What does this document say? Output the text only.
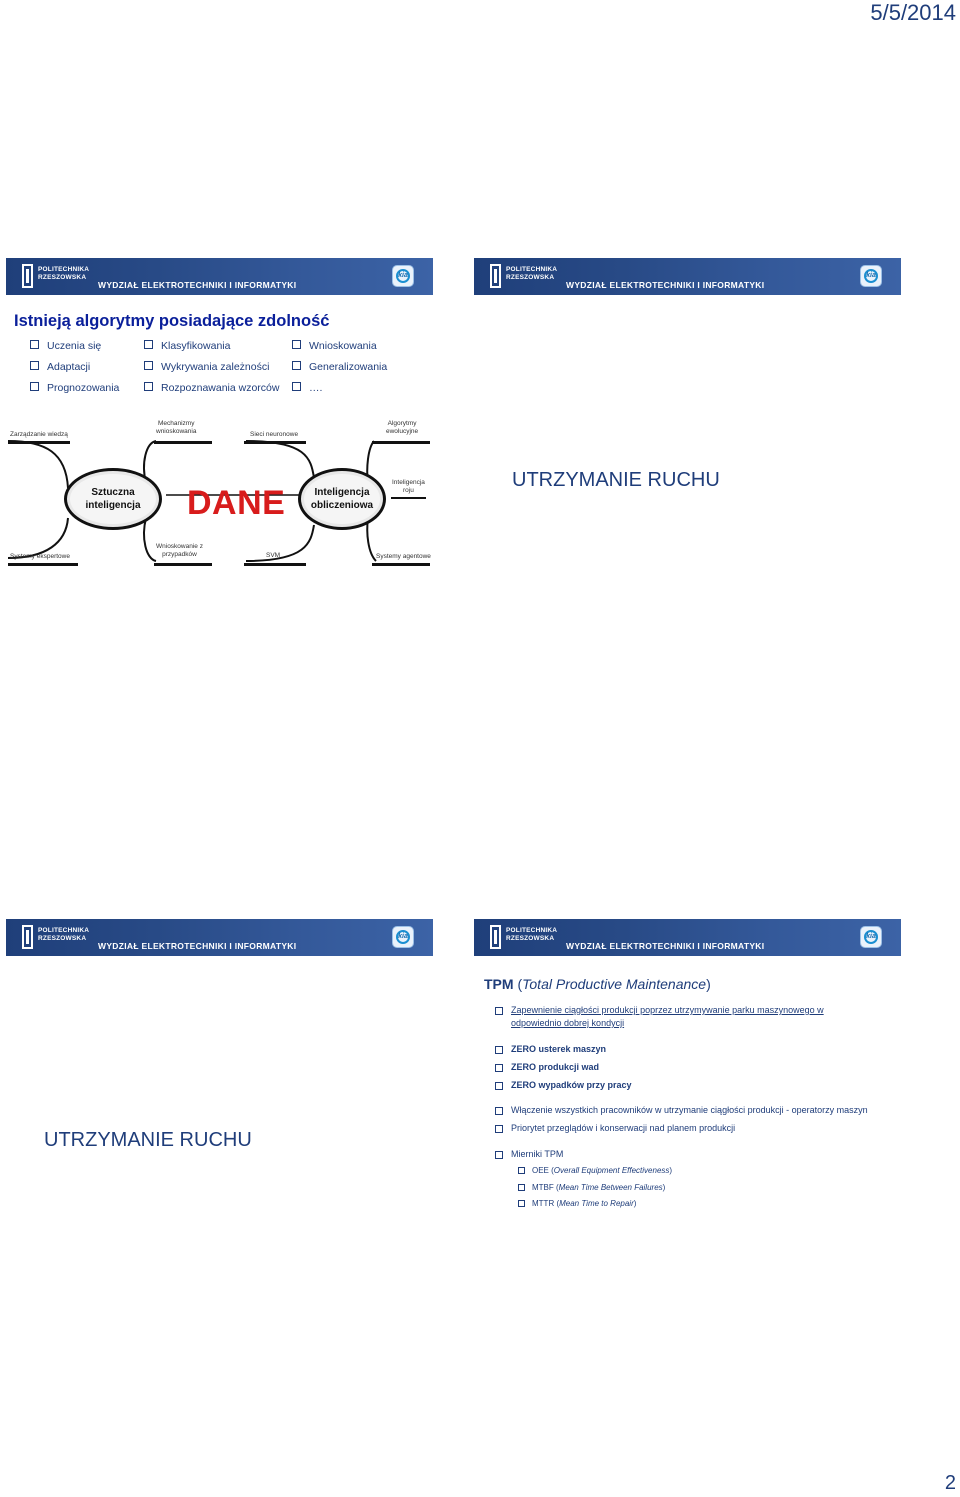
5/5/2014
POLITECHNIKA
RZESZOWSKA
WYDZIAŁ ELEKTROTECHNIKI I INFORMATYKI
kia
Istnieją algorytmy posiadające zdolność
Uczenia się	Klasyfikowania	Wnioskowania
Adaptacji	Wykrywania zależności	Generalizowania
Prognozowania	Rozpoznawania wzorców	….
Zarządzanie wiedzą
Mechanizmy
wnioskowania	Sieci neuronowe
Algorytmy
ewolucyjne
Inteligencja
roju
Sztuczna
inteligencja DANE	Inteligencja
obliczeniowa
Systemy ekspertowe
Wnioskowanie z
przypadków	SVM	Systemy agentowe
POLITECHNIKA
RZESZOWSKA
WYDZIAŁ ELEKTROTECHNIKI I INFORMATYKI
kia
UTRZYMANIE RUCHU
POLITECHNIKA
RZESZOWSKA
WYDZIAŁ ELEKTROTECHNIKI I INFORMATYKI
kia
UTRZYMANIE RUCHU
POLITECHNIKA
RZESZOWSKA
WYDZIAŁ ELEKTROTECHNIKI I INFORMATYKI
kia
TPM (Total Productive Maintenance)
Zapewnienie ciągłości produkcji poprzez utrzymywanie parku maszynowego w odpowiednio dobrej kondycji
ZERO usterek maszyn
ZERO produkcji wad
ZERO wypadków przy pracy
Włączenie wszystkich pracowników w utrzymanie ciągłości produkcji - operatorzy maszyn
Priorytet przeglądów i konserwacji nad planem produkcji
Mierniki TPM
OEE (Overall Equipment Effectiveness)
MTBF (Mean Time Between Failures)
MTTR (Mean Time to Repair)
2
